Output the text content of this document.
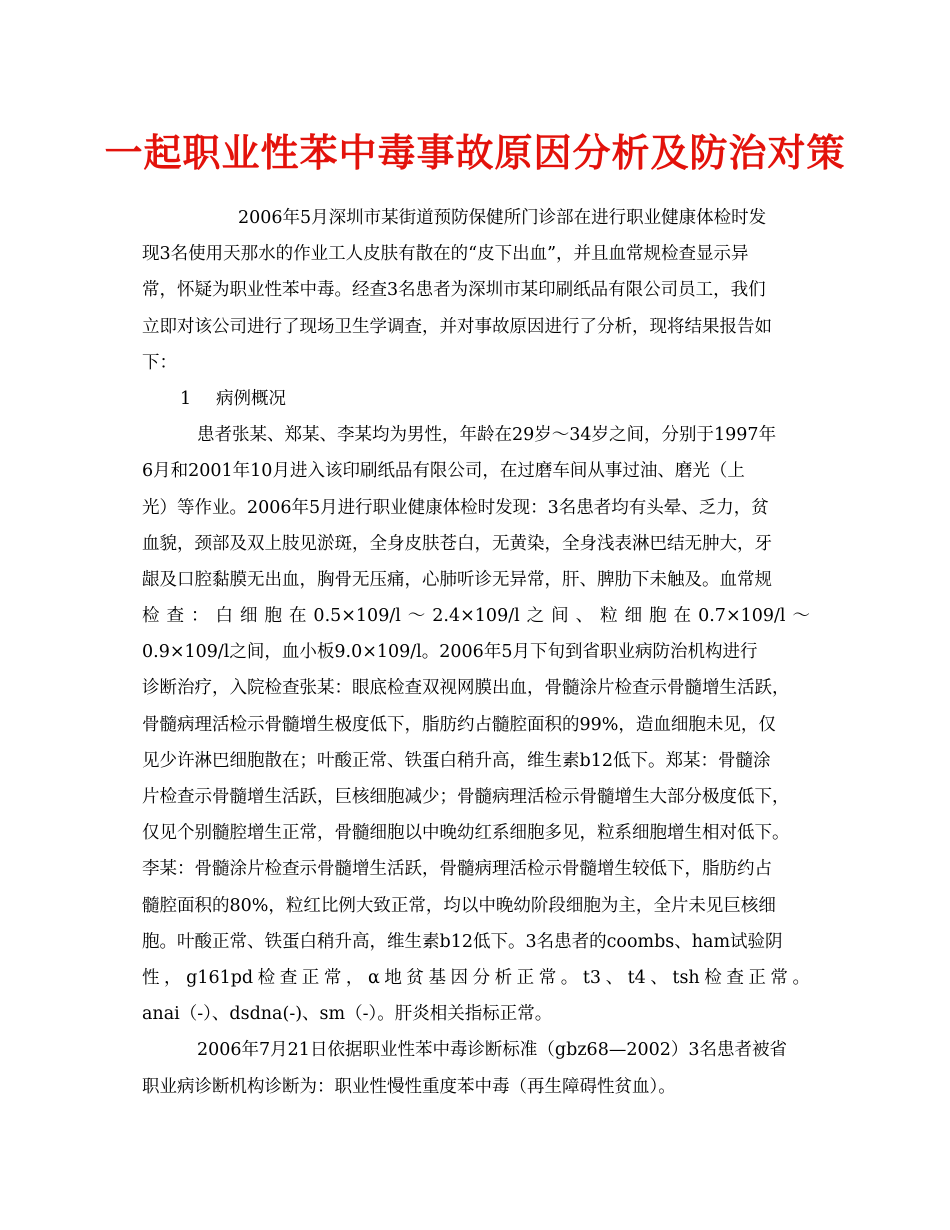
一起职业性苯中毒事故原因分析及防治对策
2006年5月深圳市某街道预防保健所门诊部在进行职业健康体检时发
现3名使用天那水的作业工人皮肤有散在的“皮下出血”，并且血常规检查显示异
常，怀疑为职业性苯中毒。经查3名患者为深圳市某印刷纸品有限公司员工，我们
立即对该公司进行了现场卫生学调查，并对事故原因进行了分析，现将结果报告如
下：
1 病例概况
患者张某、郑某、李某均为男性，年龄在29岁～34岁之间，分别于1997年
6月和2001年10月进入该印刷纸品有限公司，在过磨车间从事过油、磨光（上
光）等作业。2006年5月进行职业健康体检时发现：3名患者均有头晕、乏力，贫
血貌，颈部及双上肢见淤斑，全身皮肤苍白，无黄染，全身浅表淋巴结无肿大，牙
龈及口腔黏膜无出血，胸骨无压痛，心肺听诊无异常，肝、脾肋下未触及。血常规
检查：白细胞在0.5×109/l～2.4×109/l之间、粒细胞在0.7×109/l～
0.9×109/l之间，血小板9.0×109/l。2006年5月下旬到省职业病防治机构进行
诊断治疗，入院检查张某：眼底检查双视网膜出血，骨髓涂片检查示骨髓增生活跃，
骨髓病理活检示骨髓增生极度低下，脂肪约占髓腔面积的99%，造血细胞未见，仅
见少许淋巴细胞散在；叶酸正常、铁蛋白稍升高，维生素b12低下。郑某：骨髓涂
片检查示骨髓增生活跃，巨核细胞减少；骨髓病理活检示骨髓增生大部分极度低下，
仅见个别髓腔增生正常，骨髓细胞以中晚幼红系细胞多见，粒系细胞增生相对低下。
李某：骨髓涂片检查示骨髓增生活跃，骨髓病理活检示骨髓增生较低下，脂肪约占
髓腔面积的80%，粒红比例大致正常，均以中晚幼阶段细胞为主，全片未见巨核细
胞。叶酸正常、铁蛋白稍升高，维生素b12低下。3名患者的coombs、ham试验阴
性，g161pd检查正常，α地贫基因分析正常。t3、t4、tsh检查正常。
anai（-）、dsdna(-)、sm（-）。肝炎相关指标正常。
2006年7月21日依据职业性苯中毒诊断标准（gbz68—2002）3名患者被省
职业病诊断机构诊断为：职业性慢性重度苯中毒（再生障碍性贫血）。
